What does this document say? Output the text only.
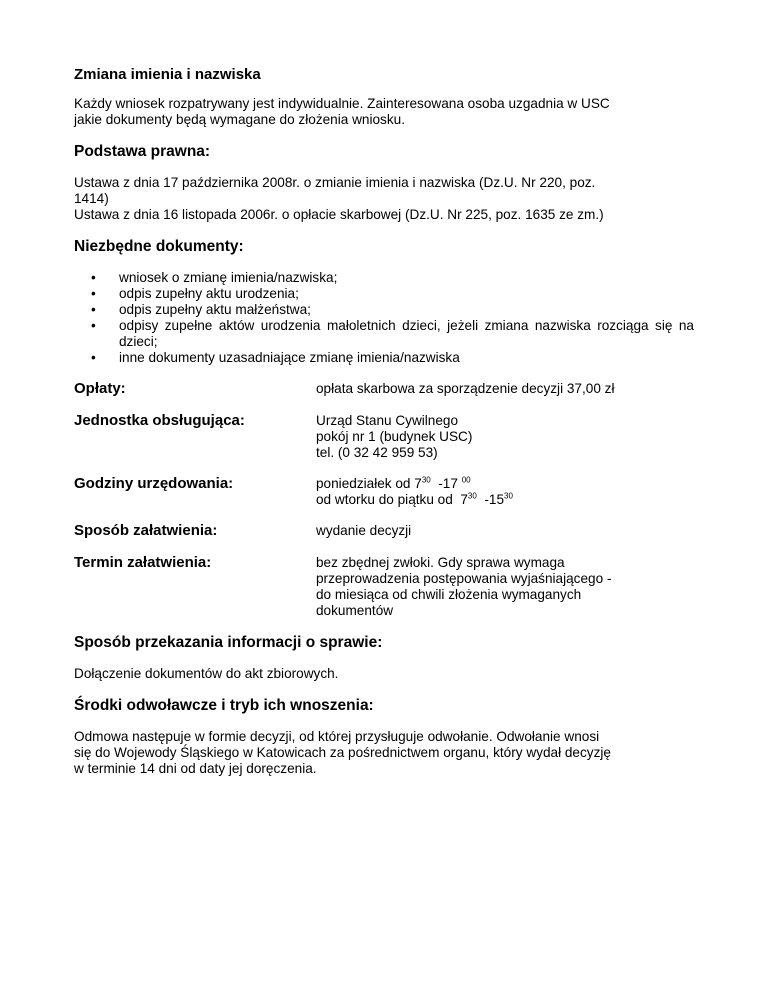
Zmiana imienia i nazwiska

Każdy wniosek rozpatrywany jest indywidualnie. Zainteresowana osoba uzgadnia w USC
jakie dokumenty będą wymagane do złożenia wniosku.

Podstawa prawna:

Ustawa z dnia 17 października 2008r. o zmianie imienia i nazwiska (Dz.U. Nr 220, poz.
1414)
Ustawa z dnia 16 listopada 2006r. o opłacie skarbowej (Dz.U. Nr 225, poz. 1635 ze zm.)

Niezbędne dokumenty:
• wniosek o zmianę imienia/nazwiska;
• odpis zupełny aktu urodzenia;
• odpis zupełny aktu małżeństwa;
• odpisy zupełne aktów urodzenia małoletnich dzieci, jeżeli zmiana nazwiska rozciąga się na dzieci;
• inne dokumenty uzasadniające zmianę imienia/nazwiska
Opłaty:	opłata skarbowa za sporządzenie decyzji 37,00 zł
Jednostka obsługująca:	Urząd Stanu Cywilnego
pokój nr 1 (budynek USC)
tel. (0 32 42 959 53)
Godziny urzędowania:	poniedziałek od $7^{30}$  -17 $^{00}$
od wtorku do piątku od  $7^{30}$  $-15^{30}$
Sposób załatwienia:	wydanie decyzji
Termin załatwienia:	bez zbędnej zwłoki. Gdy sprawa wymaga
przeprowadzenia postępowania wyjaśniającego -
do miesiąca od chwili złożenia wymaganych
dokumentów
Sposób przekazania informacji o sprawie:

Dołączenie dokumentów do akt zbiorowych.

Środki odwoławcze i tryb ich wnoszenia:

Odmowa następuje w formie decyzji, od której przysługuje odwołanie. Odwołanie wnosi
się do Wojewody Śląskiego w Katowicach za pośrednictwem organu, który wydał decyzję
w terminie 14 dni od daty jej doręczenia.
